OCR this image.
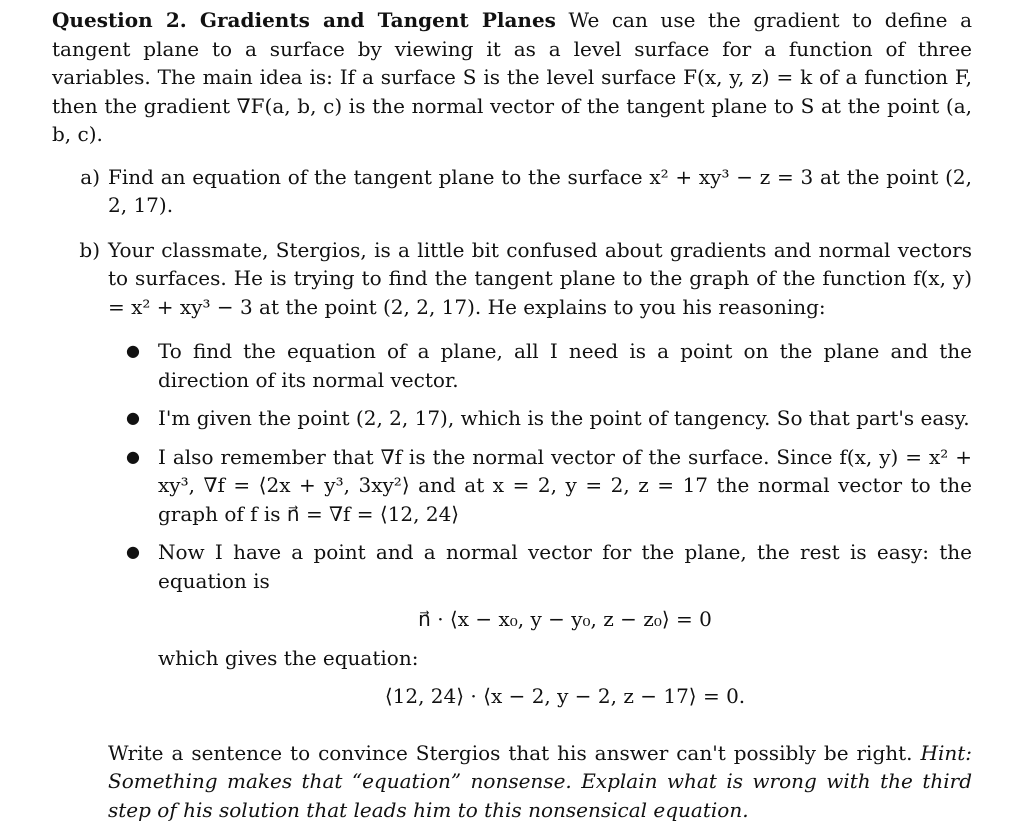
Question 2. Gradients and Tangent Planes We can use the gradient to define a tangent plane to a surface by viewing it as a level surface for a function of three variables. The main idea is: If a surface S is the level surface F(x, y, z) = k of a function F, then the gradient ∇F(a, b, c) is the normal vector of the tangent plane to S at the point (a, b, c).

a) Find an equation of the tangent plane to the surface x² + xy³ − z = 3 at the point (2, 2, 17).
b) Your classmate, Stergios, is a little bit confused about gradients and normal vectors to surfaces. He is trying to find the tangent plane to the graph of the function f(x, y) = x² + xy³ − 3 at the point (2, 2, 17). He explains to you his reasoning:
● To find the equation of a plane, all I need is a point on the plane and the direction of its normal vector.
● I'm given the point (2, 2, 17), which is the point of tangency. So that part's easy.
● I also remember that ∇f is the normal vector of the surface. Since f(x, y) = x² + xy³, ∇f = ⟨2x + y³, 3xy²⟩ and at x = 2, y = 2, z = 17 the normal vector to the graph of f is n⃗ = ∇f = ⟨12, 24⟩
● Now I have a point and a normal vector for the plane, the rest is easy: the equation is
n⃗ · ⟨x − x₀, y − y₀, z − z₀⟩ = 0
which gives the equation:
⟨12, 24⟩ · ⟨x − 2, y − 2, z − 17⟩ = 0.
Write a sentence to convince Stergios that his answer can't possibly be right. Hint: Something makes that “equation” nonsense. Explain what is wrong with the third step of his solution that leads him to this nonsensical equation.
